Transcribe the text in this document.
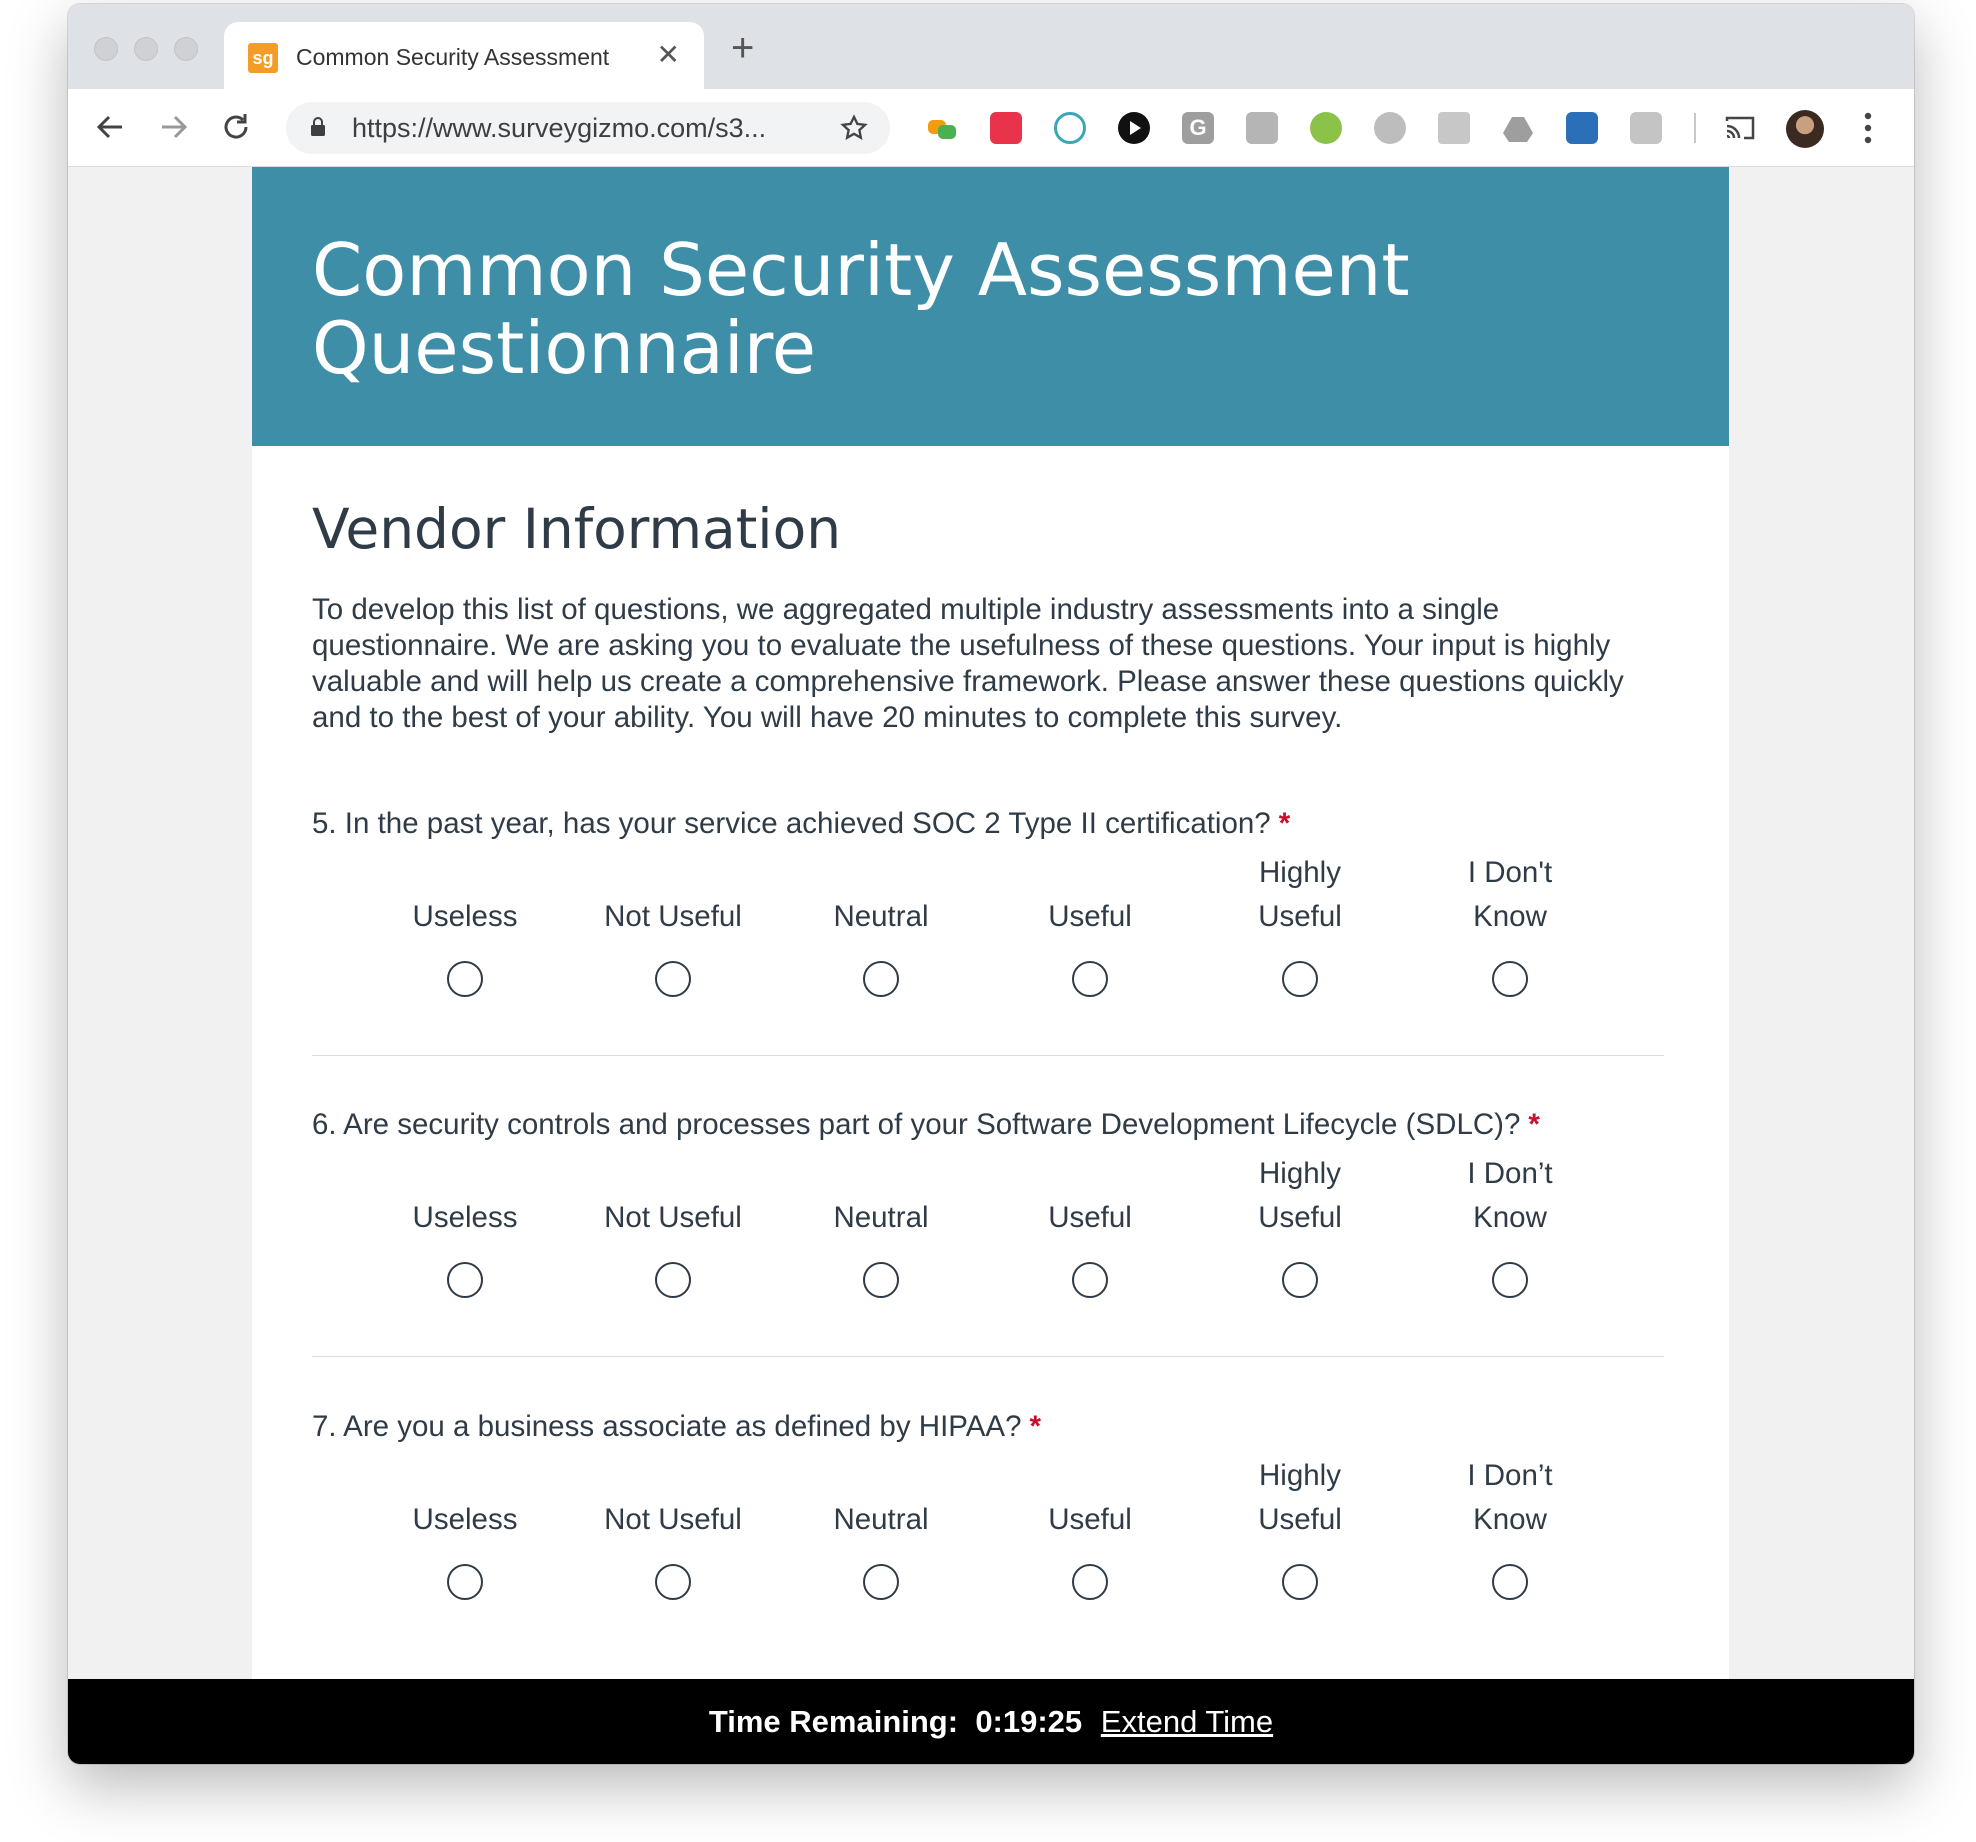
sg Common Security Assessment	✕ +
https://www.surveygizmo.com/s3...	G
Common Security Assessment Questionnaire
Vendor Information
To develop this list of questions, we aggregated multiple industry assessments into a single questionnaire. We are asking you to evaluate the usefulness of these questions. Your input is highly valuable and will help us create a comprehensive framework. Please answer these questions quickly and to the best of your ability. You will have 20 minutes to complete this survey.
5. In the past year, has your service achieved SOC 2 Type II certification? *
Useless	Not Useful	Neutral	Useful
Highly
Useful
I Don't
Know
6. Are security controls and processes part of your Software Development Lifecycle (SDLC)? *
Useless	Not Useful	Neutral	Useful
Highly
Useful
I Don’t
Know
7. Are you a business associate as defined by HIPAA? *
Useless	Not Useful	Neutral	Useful
Highly
Useful
I Don’t
Know
Time Remaining: 0:19:25 Extend Time
